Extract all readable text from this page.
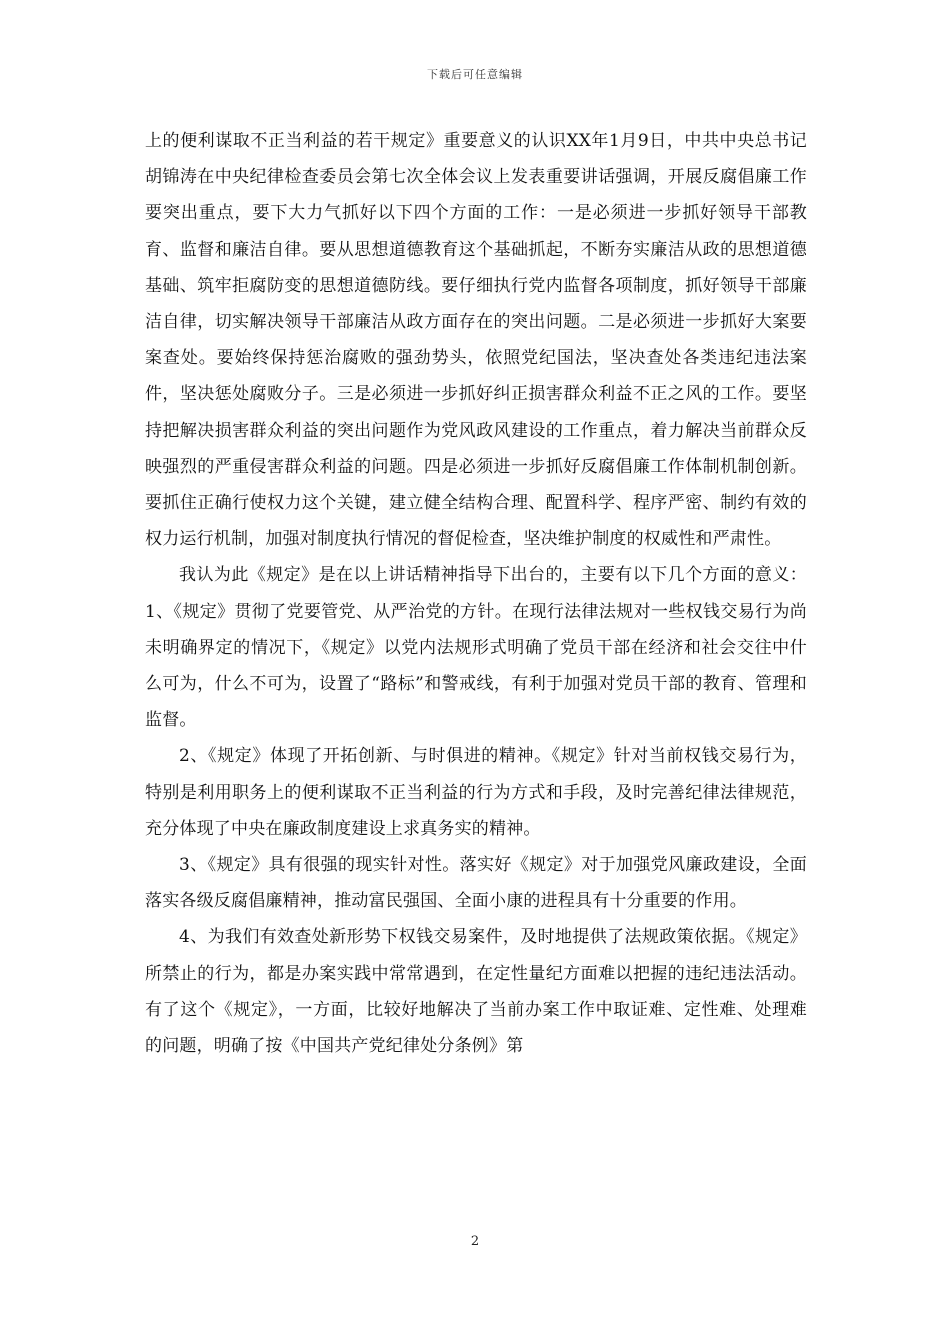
下载后可任意编辑

上的便利谋取不正当利益的若干规定》重要意义的认识XX年1月9日，中共中央总书记胡锦涛在中央纪律检查委员会第七次全体会议上发表重要讲话强调，开展反腐倡廉工作要突出重点，要下大力气抓好以下四个方面的工作：一是必须进一步抓好领导干部教育、监督和廉洁自律。要从思想道德教育这个基础抓起，不断夯实廉洁从政的思想道德基础、筑牢拒腐防变的思想道德防线。要仔细执行党内监督各项制度，抓好领导干部廉洁自律，切实解决领导干部廉洁从政方面存在的突出问题。二是必须进一步抓好大案要案查处。要始终保持惩治腐败的强劲势头，依照党纪国法，坚决查处各类违纪违法案件，坚决惩处腐败分子。三是必须进一步抓好纠正损害群众利益不正之风的工作。要坚持把解决损害群众利益的突出问题作为党风政风建设的工作重点，着力解决当前群众反映强烈的严重侵害群众利益的问题。四是必须进一步抓好反腐倡廉工作体制机制创新。要抓住正确行使权力这个关键，建立健全结构合理、配置科学、程序严密、制约有效的权力运行机制，加强对制度执行情况的督促检查，坚决维护制度的权威性和严肃性。

我认为此《规定》是在以上讲话精神指导下出台的，主要有以下几个方面的意义：1、《规定》贯彻了党要管党、从严治党的方针。在现行法律法规对一些权钱交易行为尚未明确界定的情况下，《规定》以党内法规形式明确了党员干部在经济和社会交往中什么可为，什么不可为，设置了“路标”和警戒线，有利于加强对党员干部的教育、管理和监督。

2、《规定》体现了开拓创新、与时俱进的精神。《规定》针对当前权钱交易行为，特别是利用职务上的便利谋取不正当利益的行为方式和手段，及时完善纪律法律规范，充分体现了中央在廉政制度建设上求真务实的精神。

3、《规定》具有很强的现实针对性。落实好《规定》对于加强党风廉政建设，全面落实各级反腐倡廉精神，推动富民强国、全面小康的进程具有十分重要的作用。

4、为我们有效查处新形势下权钱交易案件，及时地提供了法规政策依据。《规定》所禁止的行为，都是办案实践中常常遇到，在定性量纪方面难以把握的违纪违法活动。有了这个《规定》，一方面，比较好地解决了当前办案工作中取证难、定性难、处理难的问题，明确了按《中国共产党纪律处分条例》第

2
